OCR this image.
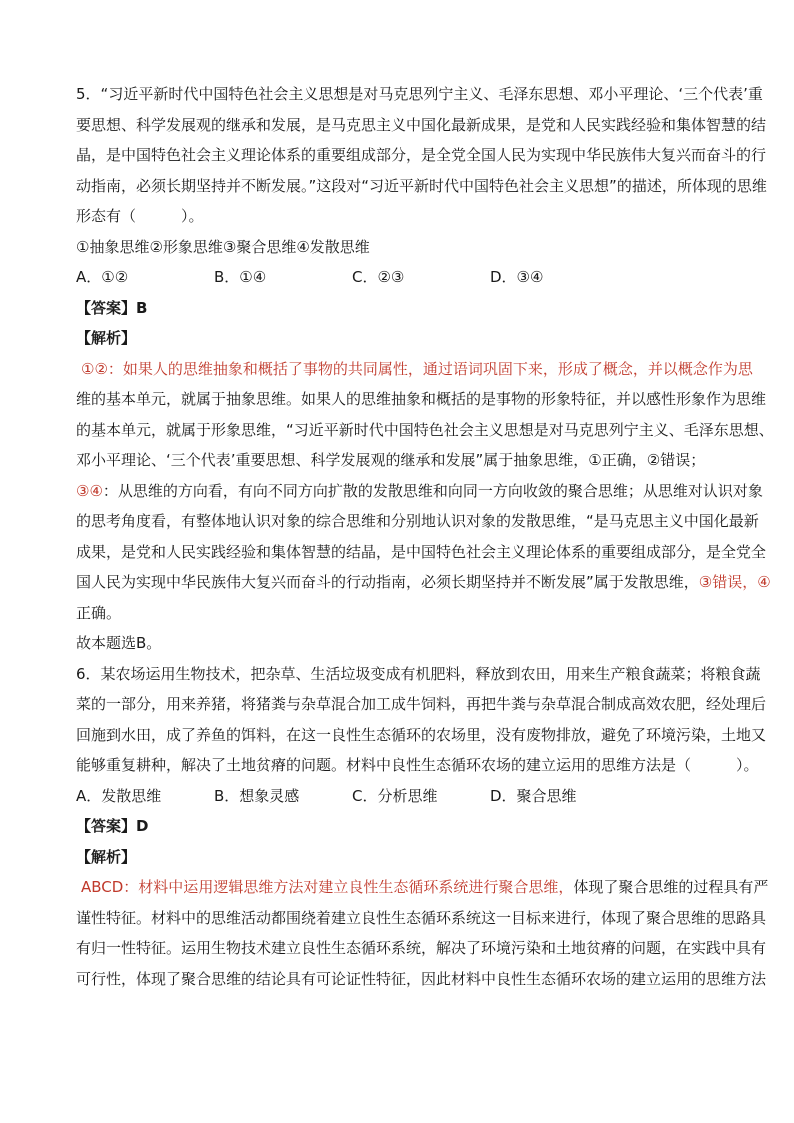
5．“习近平新时代中国特色社会主义思想是对马克思列宁主义、毛泽东思想、邓小平理论、‘三个代表’重
要思想、科学发展观的继承和发展，是马克思主义中国化最新成果，是党和人民实践经验和集体智慧的结
晶，是中国特色社会主义理论体系的重要组成部分，是全党全国人民为实现中华民族伟大复兴而奋斗的行
动指南，必须长期坚持并不断发展。”这段对“习近平新时代中国特色社会主义思想”的描述，所体现的思维
形态有（　　　）。
①抽象思维②形象思维③聚合思维④发散思维
A．①②	B．①④	C．②③	D．③④
【答案】B
【解析】
①②：如果人的思维抽象和概括了事物的共同属性，通过语词巩固下来，形成了概念，并以概念作为思
维的基本单元，就属于抽象思维。如果人的思维抽象和概括的是事物的形象特征，并以感性形象作为思维
的基本单元，就属于形象思维，“习近平新时代中国特色社会主义思想是对马克思列宁主义、毛泽东思想、
邓小平理论、‘三个代表’重要思想、科学发展观的继承和发展”属于抽象思维，①正确，②错误；
③④：从思维的方向看，有向不同方向扩散的发散思维和向同一方向收敛的聚合思维；从思维对认识对象
的思考角度看，有整体地认识对象的综合思维和分别地认识对象的发散思维，“是马克思主义中国化最新
成果，是党和人民实践经验和集体智慧的结晶，是中国特色社会主义理论体系的重要组成部分，是全党全
国人民为实现中华民族伟大复兴而奋斗的行动指南，必须长期坚持并不断发展”属于发散思维，③错误，④
正确。
故本题选B。
6．某农场运用生物技术，把杂草、生活垃圾变成有机肥料，释放到农田，用来生产粮食蔬菜；将粮食蔬
菜的一部分，用来养猪，将猪粪与杂草混合加工成牛饲料，再把牛粪与杂草混合制成高效农肥，经处理后
回施到水田，成了养鱼的饵料，在这一良性生态循环的农场里，没有废物排放，避免了环境污染，土地又
能够重复耕种，解决了土地贫瘠的问题。材料中良性生态循环农场的建立运用的思维方法是（　　　）。
A．发散思维	B．想象灵感	C．分析思维	D．聚合思维
【答案】D
【解析】
ABCD：材料中运用逻辑思维方法对建立良性生态循环系统进行聚合思维，体现了聚合思维的过程具有严
谨性特征。材料中的思维活动都围绕着建立良性生态循环系统这一目标来进行，体现了聚合思维的思路具
有归一性特征。运用生物技术建立良性生态循环系统，解决了环境污染和土地贫瘠的问题，在实践中具有
可行性，体现了聚合思维的结论具有可论证性特征，因此材料中良性生态循环农场的建立运用的思维方法
